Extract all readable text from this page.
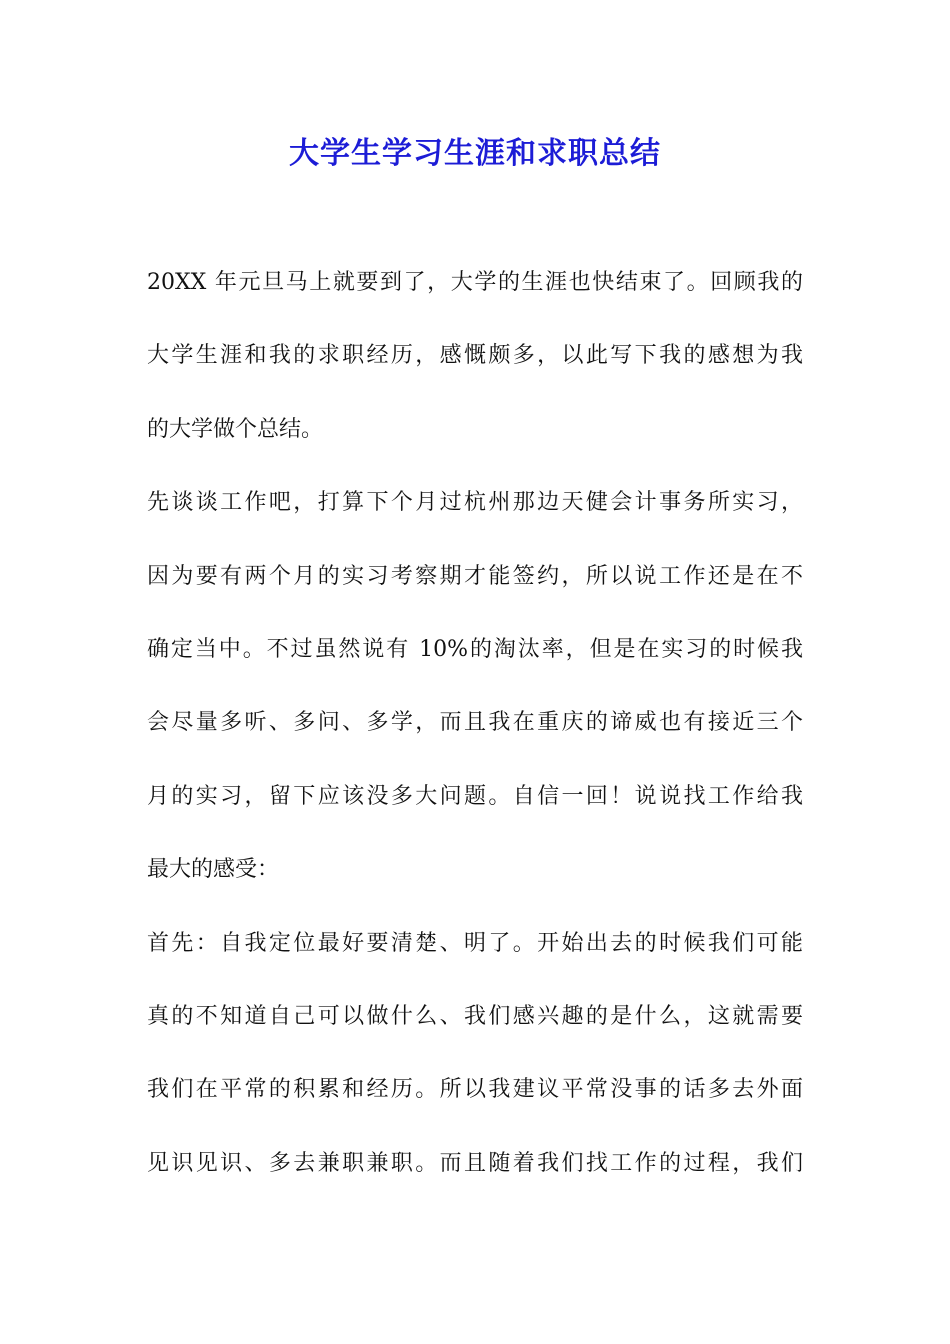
大学生学习生涯和求职总结
20XX 年元旦马上就要到了，大学的生涯也快结束了。回顾我的
大学生涯和我的求职经历，感慨颇多，以此写下我的感想为我
的大学做个总结。
先谈谈工作吧，打算下个月过杭州那边天健会计事务所实习，
因为要有两个月的实习考察期才能签约，所以说工作还是在不
确定当中。不过虽然说有 10%的淘汰率，但是在实习的时候我
会尽量多听、多问、多学，而且我在重庆的谛威也有接近三个
月的实习，留下应该没多大问题。自信一回！说说找工作给我
最大的感受：
首先：自我定位最好要清楚、明了。开始出去的时候我们可能
真的不知道自己可以做什么、我们感兴趣的是什么，这就需要
我们在平常的积累和经历。所以我建议平常没事的话多去外面
见识见识、多去兼职兼职。而且随着我们找工作的过程，我们
